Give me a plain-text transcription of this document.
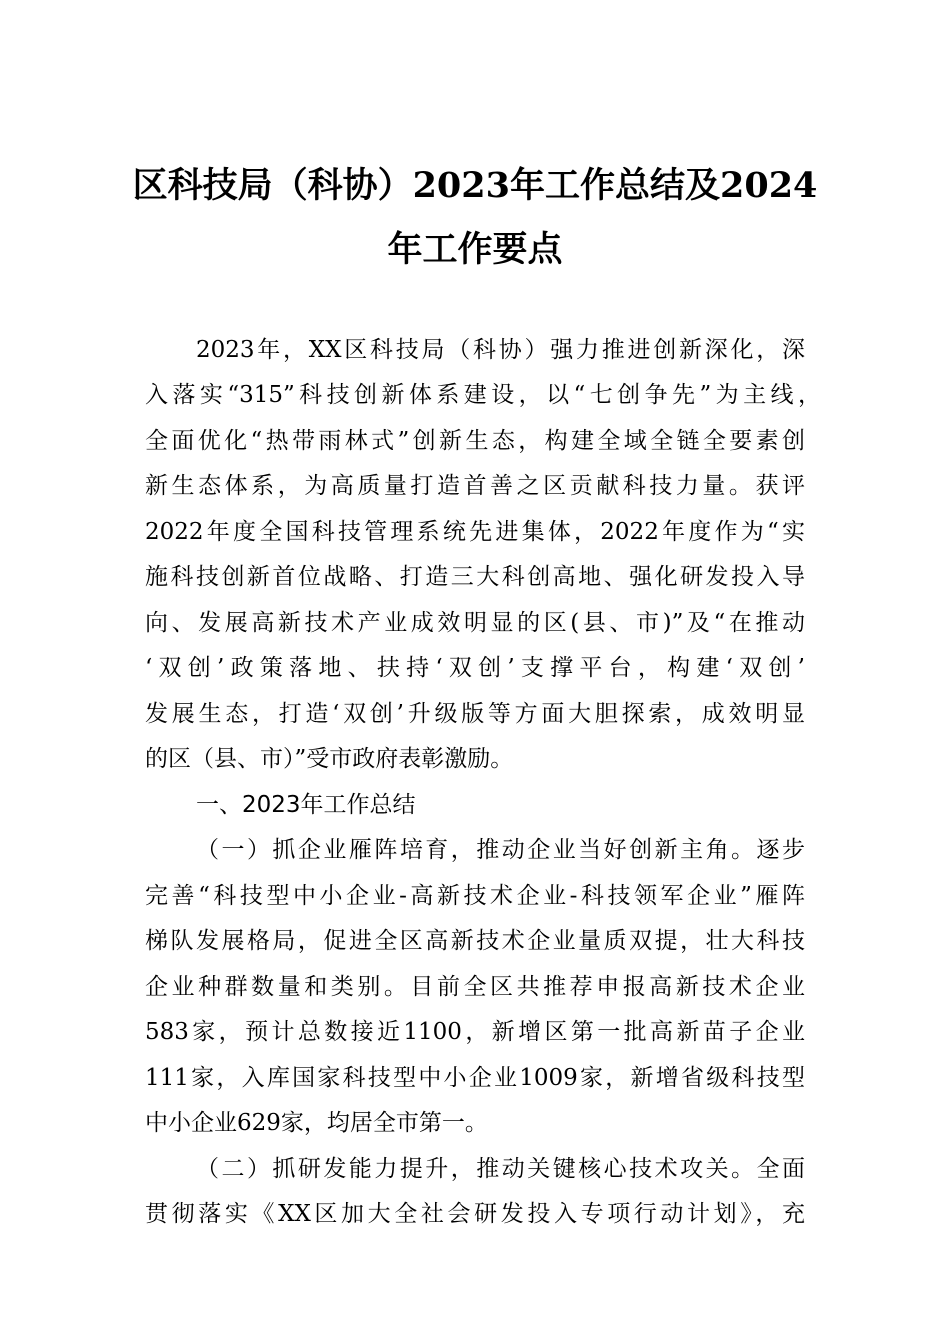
区科技局（科协）2023年工作总结及2024
年工作要点
2023年，XX区科技局（科协）强力推进创新深化，深
入落实“315”科技创新体系建设，以“七创争先”为主线，
全面优化“热带雨林式”创新生态，构建全域全链全要素创
新生态体系，为高质量打造首善之区贡献科技力量。获评
2022年度全国科技管理系统先进集体，2022年度作为“实
施科技创新首位战略、打造三大科创高地、强化研发投入导
向、发展高新技术产业成效明显的区(县、市)”及“在推动
‘双创’政策落地、扶持‘双创’支撑平台，构建‘双创’
发展生态，打造‘双创’升级版等方面大胆探索，成效明显
的区（县、市）”受市政府表彰激励。
一、2023年工作总结
（一）抓企业雁阵培育，推动企业当好创新主角。逐步
完善“科技型中小企业-高新技术企业-科技领军企业”雁阵
梯队发展格局，促进全区高新技术企业量质双提，壮大科技
企业种群数量和类别。目前全区共推荐申报高新技术企业
583家，预计总数接近1100，新增区第一批高新苗子企业
111家，入库国家科技型中小企业1009家，新增省级科技型
中小企业629家，均居全市第一。
（二）抓研发能力提升，推动关键核心技术攻关。全面
贯彻落实《XX区加大全社会研发投入专项行动计划》，充
